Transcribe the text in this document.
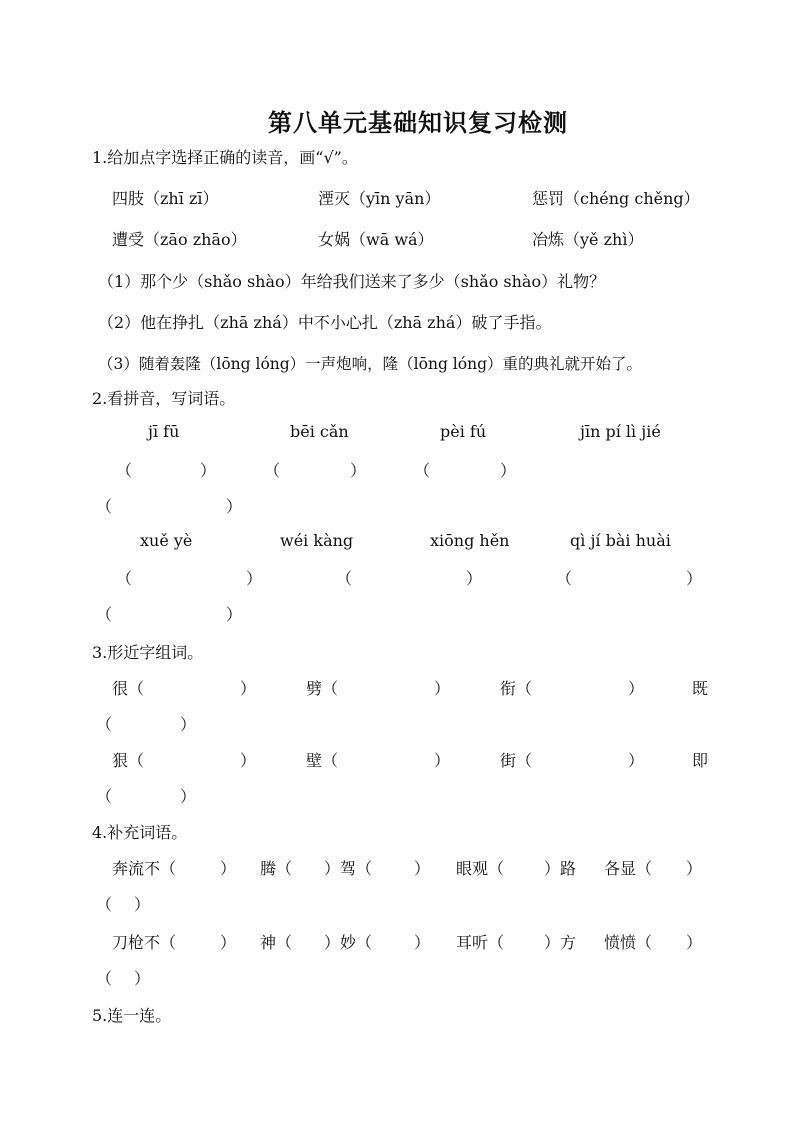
第八单元基础知识复习检测
1.给加点字选择正确的读音，画“√”。
四肢（zhī zī）	湮灭（yīn yān）	惩罚（chéng chěng）
遭受（zāo zhāo）	女娲（wā wá）	冶炼（yě zhì）
（1）那个少（shǎo shào）年给我们送来了多少（shǎo shào）礼物？
（2）他在挣扎（zhā zhá）中不小心扎（zhā zhá）破了手指。
（3）随着轰隆（lōng lóng）一声炮响，隆（lōng lóng）重的典礼就开始了。
2.看拼音，写词语。
jī fū	bēi cǎn	pèi fú	jīn pí lì jié
（	）	（	）	（	）
（	）
xuě yè	wéi kàng	xiōng hěn	qì jí bài huài
（	）	（	）	（	）
（	）
3.形近字组词。
很（	）	劈（	）	衔（	）	既
（	）
狠（	）	壁（	）	街（	）	即
（	）
4.补充词语。
奔流不（	） 腾（ ）驾（	） 眼观（ ）路 各显（ ）
（ ）
刀枪不（	） 神（ ）妙（	） 耳听（ ）方 愤愤（ ）
（ ）
5.连一连。
